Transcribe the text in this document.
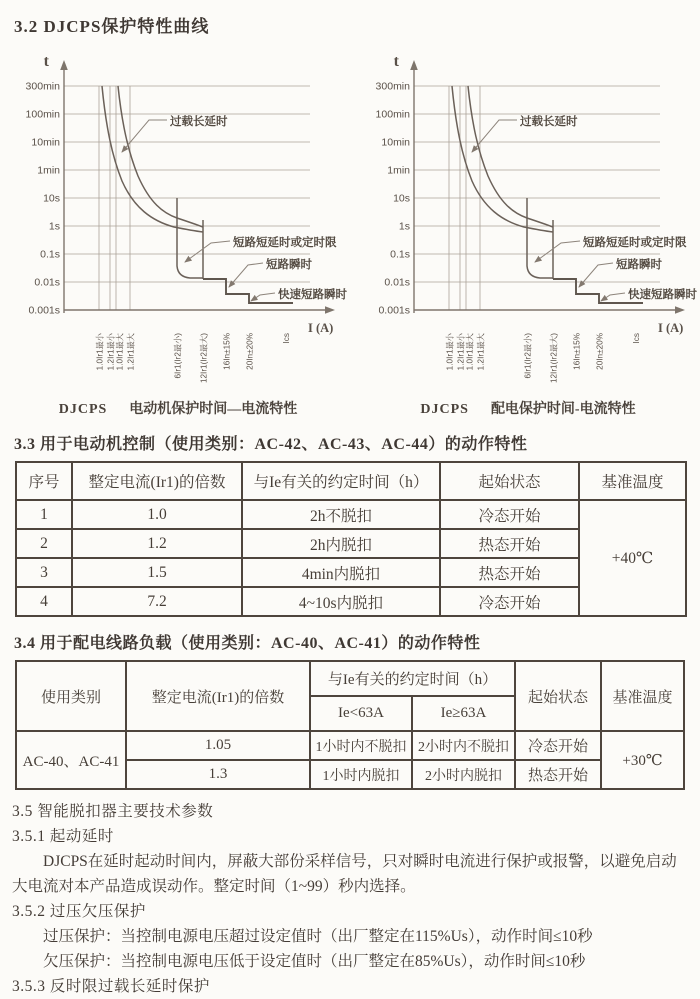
3.2 DJCPS保护特性曲线
t
300min
100min
10min
1min
10s
1s
0.1s
0.01s
0.001s
过载长延时
短路短延时或定时限
短路瞬时
快速短路瞬时
1.0Ir1最小 1.2Ir1最小 1.0Ir1最大 1.2Ir1最大	6Ir1(Ir2最小) 12Ir1(Ir2最大) 16In±15% 20In±20%	Ics
I (A)
DJCPS 电动机保护时间—电流特性
t
300min
100min
10min
1min
10s
1s
0.1s
0.01s
0.001s
过载长延时
短路短延时或定时限
短路瞬时
快速短路瞬时
1.0Ir1最小 1.2Ir1最小 1.0Ir1最大 1.2Ir1最大	6Ir1(Ir2最小) 12Ir1(Ir2最大) 16In±15% 20In±20%	Ics
I (A)
DJCPS 配电保护时间-电流特性
3.3 用于电动机控制（使用类别：AC-42、AC-43、AC-44）的动作特性
序号	整定电流(Ir1)的倍数	与Ie有关的约定时间（h）	起始状态	基准温度
1	1.0	2h不脱扣	冷态开始	+40℃
2	1.2	2h内脱扣	热态开始	
3	1.5	4min内脱扣	热态开始	
4	7.2	4~10s内脱扣	冷态开始	
3.4 用于配电线路负载（使用类别：AC-40、AC-41）的动作特性
使用类别	整定电流(Ir1)的倍数	与Ie有关的约定时间（h）		起始状态	基准温度
		Ie<63A	Ie≥63A		
AC-40、AC-41	1.05	1小时内不脱扣	2小时内不脱扣	冷态开始	+30℃
	1.3	1小时内脱扣	2小时内脱扣	热态开始	
3.5 智能脱扣器主要技术参数
3.5.1 起动延时
DJCPS在延时起动时间内，屏蔽大部份采样信号，只对瞬时电流进行保护或报警，以避免启动大电流对本产品造成误动作。整定时间（1~99）秒内选择。
3.5.2 过压欠压保护
过压保护：当控制电源电压超过设定值时（出厂整定在115%Us），动作时间≤10秒
欠压保护：当控制电源电压低于设定值时（出厂整定在85%Us），动作时间≤10秒
3.5.3 反时限过载长延时保护
